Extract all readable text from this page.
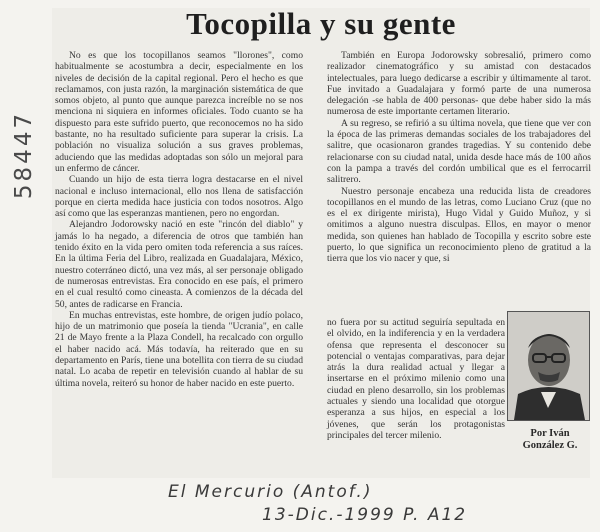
58447
Tocopilla y su gente

No es que los tocopillanos seamos "llorones", como habitualmente se acostumbra a decir, especialmente en los niveles de decisión de la capital regional. Pero el hecho es que reclamamos, con justa razón, la marginación sistemática de que somos objeto, al punto que aunque parezca increíble no se nos menciona ni siquiera en informes oficiales. Todo cuanto se ha dispuesto para este sufrido puerto, que reconocemos no ha sido bastante, no ha resultado suficiente para superar la crisis. La población no visualiza solución a sus graves problemas, aduciendo que las medidas adoptadas son sólo un mejoral para un enfermo de cáncer.

Cuando un hijo de esta tierra logra destacarse en el nivel nacional e incluso internacional, ello nos llena de satisfacción porque en cierta medida hace justicia con todos nosotros. Algo así como que las esperanzas mantienen, pero no engordan.

Alejandro Jodorowsky nació en este "rincón del diablo" y jamás lo ha negado, a diferencia de otros que también han tenido éxito en la vida pero omiten toda referencia a sus raíces. En la última Feria del Libro, realizada en Guadalajara, México, nuestro coterráneo dictó, una vez más, al ser personaje obligado de numerosas entrevistas. Era conocido en ese país, el primero en el cual resultó como cineasta. A comienzos de la década del 50, antes de radicarse en Francia.

En muchas entrevistas, este hombre, de origen judío polaco, hijo de un matrimonio que poseía la tienda "Ucrania", en calle 21 de Mayo frente a la Plaza Condell, ha recalcado con orgullo el haber nacido acá. Más todavía, ha reiterado que en su departamento en París, tiene una botellita con tierra de su ciudad natal. Lo acaba de repetir en televisión cuando al hablar de su última novela, reiteró su honor de haber nacido en este puerto.

También en Europa Jodorowsky sobresalió, primero como realizador cinematográfico y su amistad con destacados intelectuales, para luego dedicarse a escribir y últimamente al tarot. Fue invitado a Guadalajara y formó parte de una numerosa delegación -se habla de 400 personas- que debe haber sido la más numerosa de este importante certamen literario.

A su regreso, se refirió a su última novela, que tiene que ver con la época de las primeras demandas sociales de los trabajadores del salitre, que ocasionaron grandes tragedias. Y su contenido debe relacionarse con su ciudad natal, unida desde hace más de 100 años con la pampa a través del cordón umbilical que es el ferrocarril salitrero.

Nuestro personaje encabeza una reducida lista de creadores tocopillanos en el mundo de las letras, como Luciano Cruz (que no es el ex dirigente mirista), Hugo Vidal y Guido Muñoz, y si omitimos a alguno nuestra disculpas. Ellos, en mayor o menor medida, son quienes han hablado de Tocopilla y escrito sobre este puerto, lo que significa un reconocimiento pleno de gratitud a la tierra que los vio nacer y que, si

no fuera por su actitud seguiría sepultada en el olvido, en la indiferencia y en la verdadera ofensa que representa el desconocer su potencial o ventajas comparativas, para dejar atrás la dura realidad actual y llegar a insertarse en el próximo milenio como una ciudad en pleno desarrollo, sin los problemas actuales y siendo una localidad que otorgue esperanza a sus hijos, en especial a los jóvenes, que serán los protagonistas principales del tercer milenio.	Por Iván
González G.
El Mercurio (Antof.)
13-Dic.-1999 P. A12
